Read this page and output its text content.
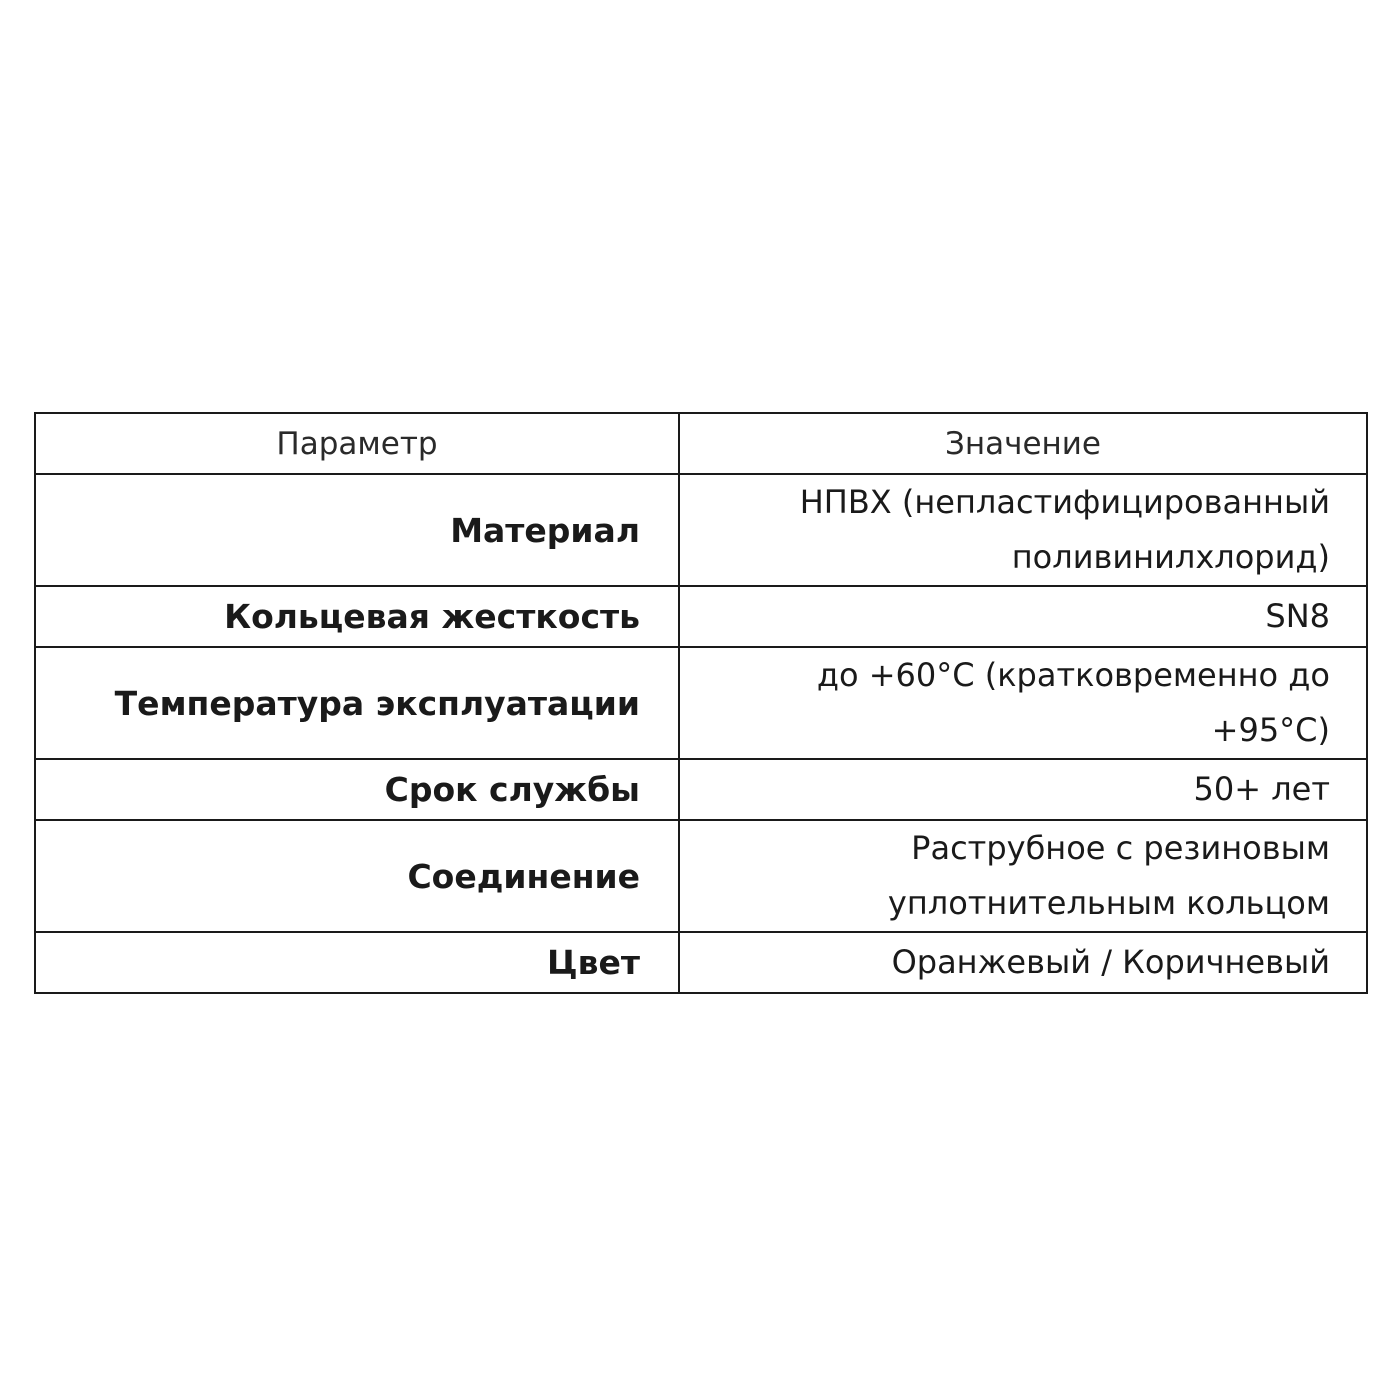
Параметр	Значение
Материал	НПВХ (непластифицированный поливинилхлорид)
Кольцевая жесткость	SN8
Температура эксплуатации	до +60°С (кратковременно до +95°С)
Срок службы	50+ лет
Соединение	Раструбное с резиновым уплотнительным кольцом
Цвет	Оранжевый / Коричневый
